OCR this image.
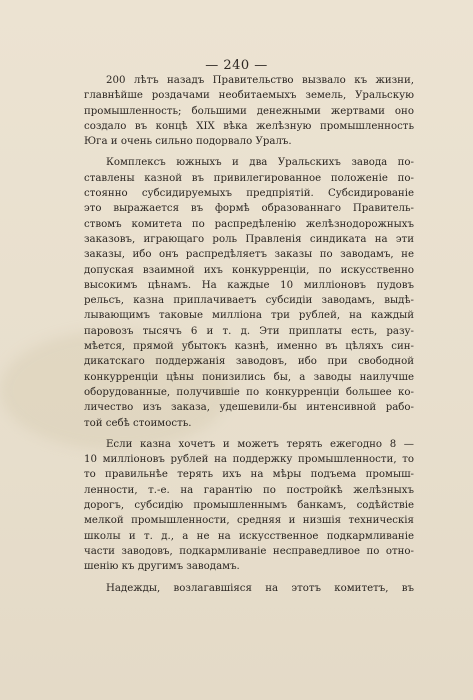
— 240 —
200 лѣтъ назадъ Правительство вызвало къ жизни,
главнѣйше роздачами необитаемыхъ земель, Уральскую
промышленность; большими денежными жертвами оно
создало въ концѣ XIX вѣка желѣзную промышленность
Юга и очень сильно подорвало Уралъ.
Комплексъ южныхъ и два Уральскихъ завода по-
ставлены казной въ привилегированное положеніе по-
стоянно субсидируемыхъ предпріятій. Субсидированіе
это выражается въ формѣ образованнаго Правитель-
ствомъ комитета по распредѣленію желѣзнодорожныхъ
заказовъ, играющаго роль Правленія синдиката на эти
заказы, ибо онъ распредѣляетъ заказы по заводамъ, не
допуская взаимной ихъ конкурренціи, по искусственно
высокимъ цѣнамъ. На каждые 10 милліоновъ пудовъ
рельсъ, казна приплачиваетъ субсидіи заводамъ, выдѣ-
лывающимъ таковые милліона три рублей, на каждый
паровозъ тысячъ 6 и т. д. Эти приплаты есть, разу-
мѣется, прямой убытокъ казнѣ, именно въ цѣляхъ син-
дикатскаго поддержанія заводовъ, ибо при свободной
конкурренціи цѣны понизились бы, а заводы наилучше
оборудованные, получившіе по конкурренціи большее ко-
личество изъ заказа, удешевили-бы интенсивной рабо-
той себѣ стоимость.
Если казна хочетъ и можетъ терять ежегодно 8 —
10 милліоновъ рублей на поддержку промышленности, то
то правильнѣе терять ихъ на мѣры подъема промыш-
ленности, т.-е. на гарантію по постройкѣ желѣзныхъ
дорогъ, субсидію промышленнымъ банкамъ, содѣйствіе
мелкой промышленности, средняя и низшія техническія
школы и т. д., а не на искусственное подкармливаніе
части заводовъ, подкармливаніе несправедливое по отно-
шенію къ другимъ заводамъ.
Надежды, возлагавшіяся на этотъ комитетъ, въ
